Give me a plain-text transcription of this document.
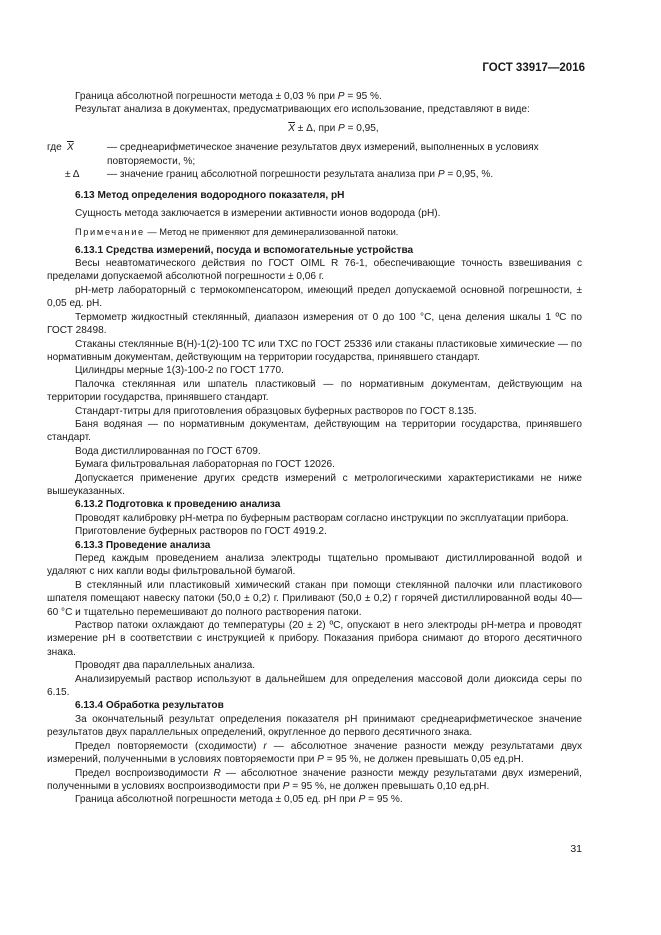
ГОСТ 33917—2016

Граница абсолютной погрешности метода ± 0,03 % при P = 95 %.

Результат анализа в документах, предусматривающих его использование, представляют в виде:

$\overline{X} \pm \Delta$, при P = 0,95,
где $\overline{X}$	— среднеарифметическое значение результатов двух измерений, выполненных в условиях повторяемости, %;
± Δ	— значение границ абсолютной погрешности результата анализа при P = 0,95, %.

6.13 Метод определения водородного показателя, рН

Сущность метода заключается в измерении активности ионов водорода (рН).

Примечание — Метод не применяют для деминерализованной патоки.

6.13.1 Средства измерений, посуда и вспомогательные устройства

Весы неавтоматического действия по ГОСТ OIML R 76-1, обеспечивающие точность взвешивания с пределами допускаемой абсолютной погрешности ± 0,06 г.

рН-метр лабораторный с термокомпенсатором, имеющий предел допускаемой основной погрешности, ± 0,05 ед. рН.

Термометр жидкостный стеклянный, диапазон измерения от 0 до 100 °С, цена деления шкалы 1 ºС по ГОСТ 28498.

Стаканы стеклянные В(Н)-1(2)-100 ТС или ТХС по ГОСТ 25336 или стаканы пластиковые химические — по нормативным документам, действующим на территории государства, принявшего стандарт.

Цилиндры мерные 1(3)-100-2 по ГОСТ 1770.

Палочка стеклянная или шпатель пластиковый — по нормативным документам, действующим на территории государства, принявшего стандарт.

Стандарт-титры для приготовления образцовых буферных растворов по ГОСТ 8.135.

Баня водяная — по нормативным документам, действующим на территории государства, принявшего стандарт.

Вода дистиллированная по ГОСТ 6709.

Бумага фильтровальная лабораторная по ГОСТ 12026.

Допускается применение других средств измерений с метрологическими характеристиками не ниже вышеуказанных.

6.13.2 Подготовка к проведению анализа

Проводят калибровку рН-метра по буферным растворам согласно инструкции по эксплуатации прибора.

Приготовление буферных растворов по ГОСТ 4919.2.

6.13.3 Проведение анализа

Перед каждым проведением анализа электроды тщательно промывают дистиллированной водой и удаляют с них капли воды фильтровальной бумагой.

В стеклянный или пластиковый химический стакан при помощи стеклянной палочки или пластикового шпателя помещают навеску патоки (50,0 ± 0,2) г. Приливают (50,0 ± 0,2) г горячей дистиллированной воды 40—60 °С и тщательно перемешивают до полного растворения патоки.

Раствор патоки охлаждают до температуры (20 ± 2) ºС, опускают в него электроды рН-метра и проводят измерение рН в соответствии с инструкцией к прибору. Показания прибора снимают до второго десятичного знака.

Проводят два параллельных анализа.

Анализируемый раствор используют в дальнейшем для определения массовой доли диоксида серы по 6.15.

6.13.4 Обработка результатов

За окончательный результат определения показателя рН принимают среднеарифметическое значение результатов двух параллельных определений, округленное до первого десятичного знака.

Предел повторяемости (сходимости) r — абсолютное значение разности между результатами двух измерений, полученными в условиях повторяемости при P = 95 %, не должен превышать 0,05 ед.рН.

Предел воспроизводимости R — абсолютное значение разности между результатами двух измерений, полученными в условиях воспроизводимости при P = 95 %, не должен превышать 0,10 ед.рН.

Граница абсолютной погрешности метода ± 0,05 ед. рН при P = 95 %.

31
